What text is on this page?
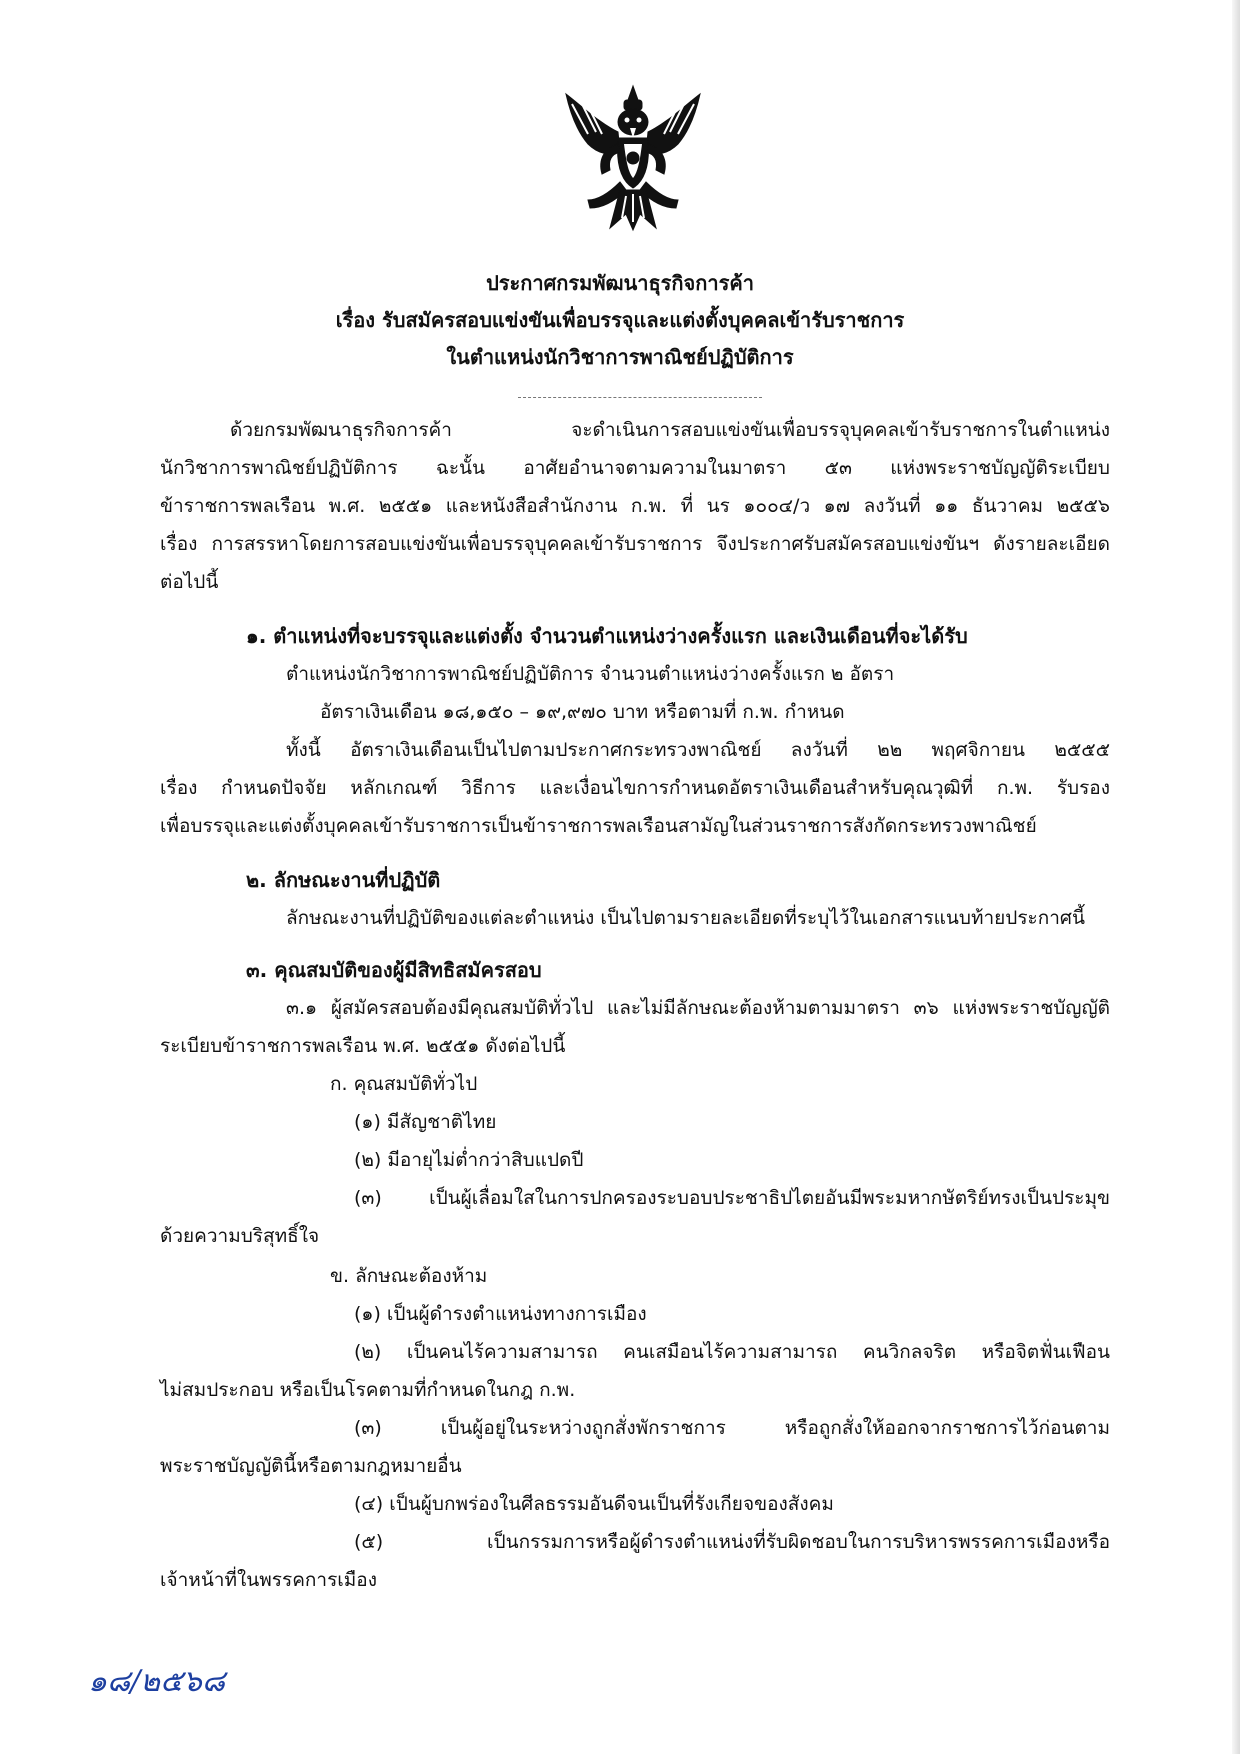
ประกาศกรมพัฒนาธุรกิจการค้า
เรื่อง รับสมัครสอบแข่งขันเพื่อบรรจุและแต่งตั้งบุคคลเข้ารับราชการ
ในตำแหน่งนักวิชาการพาณิชย์ปฏิบัติการ
ด้วยกรมพัฒนาธุรกิจการค้า จะดำเนินการสอบแข่งขันเพื่อบรรจุบุคคลเข้ารับราชการในตำแหน่ง
นักวิชาการพาณิชย์ปฏิบัติการ ฉะนั้น อาศัยอำนาจตามความในมาตรา ๕๓ แห่งพระราชบัญญัติระเบียบ
ข้าราชการพลเรือน พ.ศ. ๒๕๕๑ และหนังสือสำนักงาน ก.พ. ที่ นร ๑๐๐๔/ว ๑๗ ลงวันที่ ๑๑ ธันวาคม ๒๕๕๖
เรื่อง การสรรหาโดยการสอบแข่งขันเพื่อบรรจุบุคคลเข้ารับราชการ จึงประกาศรับสมัครสอบแข่งขันฯ ดังรายละเอียด
ต่อไปนี้
๑. ตำแหน่งที่จะบรรจุและแต่งตั้ง จำนวนตำแหน่งว่างครั้งแรก และเงินเดือนที่จะได้รับ
ตำแหน่งนักวิชาการพาณิชย์ปฏิบัติการ จำนวนตำแหน่งว่างครั้งแรก ๒ อัตรา
อัตราเงินเดือน ๑๘,๑๕๐ – ๑๙,๙๗๐ บาท หรือตามที่ ก.พ. กำหนด
ทั้งนี้ อัตราเงินเดือนเป็นไปตามประกาศกระทรวงพาณิชย์ ลงวันที่ ๒๒ พฤศจิกายน ๒๕๕๕
เรื่อง กำหนดปัจจัย หลักเกณฑ์ วิธีการ และเงื่อนไขการกำหนดอัตราเงินเดือนสำหรับคุณวุฒิที่ ก.พ. รับรอง
เพื่อบรรจุและแต่งตั้งบุคคลเข้ารับราชการเป็นข้าราชการพลเรือนสามัญในส่วนราชการสังกัดกระทรวงพาณิชย์
๒. ลักษณะงานที่ปฏิบัติ
ลักษณะงานที่ปฏิบัติของแต่ละตำแหน่ง เป็นไปตามรายละเอียดที่ระบุไว้ในเอกสารแนบท้ายประกาศนี้
๓. คุณสมบัติของผู้มีสิทธิสมัครสอบ
๓.๑ ผู้สมัครสอบต้องมีคุณสมบัติทั่วไป และไม่มีลักษณะต้องห้ามตามมาตรา ๓๖ แห่งพระราชบัญญัติ
ระเบียบข้าราชการพลเรือน พ.ศ. ๒๕๕๑ ดังต่อไปนี้
ก. คุณสมบัติทั่วไป
(๑) มีสัญชาติไทย
(๒) มีอายุไม่ต่ำกว่าสิบแปดปี
(๓) เป็นผู้เลื่อมใสในการปกครองระบอบประชาธิปไตยอันมีพระมหากษัตริย์ทรงเป็นประมุข
ด้วยความบริสุทธิ์ใจ
ข. ลักษณะต้องห้าม
(๑) เป็นผู้ดำรงตำแหน่งทางการเมือง
(๒) เป็นคนไร้ความสามารถ คนเสมือนไร้ความสามารถ คนวิกลจริต หรือจิตฟั่นเฟือน
ไม่สมประกอบ หรือเป็นโรคตามที่กำหนดในกฎ ก.พ.
(๓) เป็นผู้อยู่ในระหว่างถูกสั่งพักราชการ หรือถูกสั่งให้ออกจากราชการไว้ก่อนตาม
พระราชบัญญัตินี้หรือตามกฎหมายอื่น
(๔) เป็นผู้บกพร่องในศีลธรรมอันดีจนเป็นที่รังเกียจของสังคม
(๕) เป็นกรรมการหรือผู้ดำรงตำแหน่งที่รับผิดชอบในการบริหารพรรคการเมืองหรือ
เจ้าหน้าที่ในพรรคการเมือง
๑๘/๒๕๖๘
